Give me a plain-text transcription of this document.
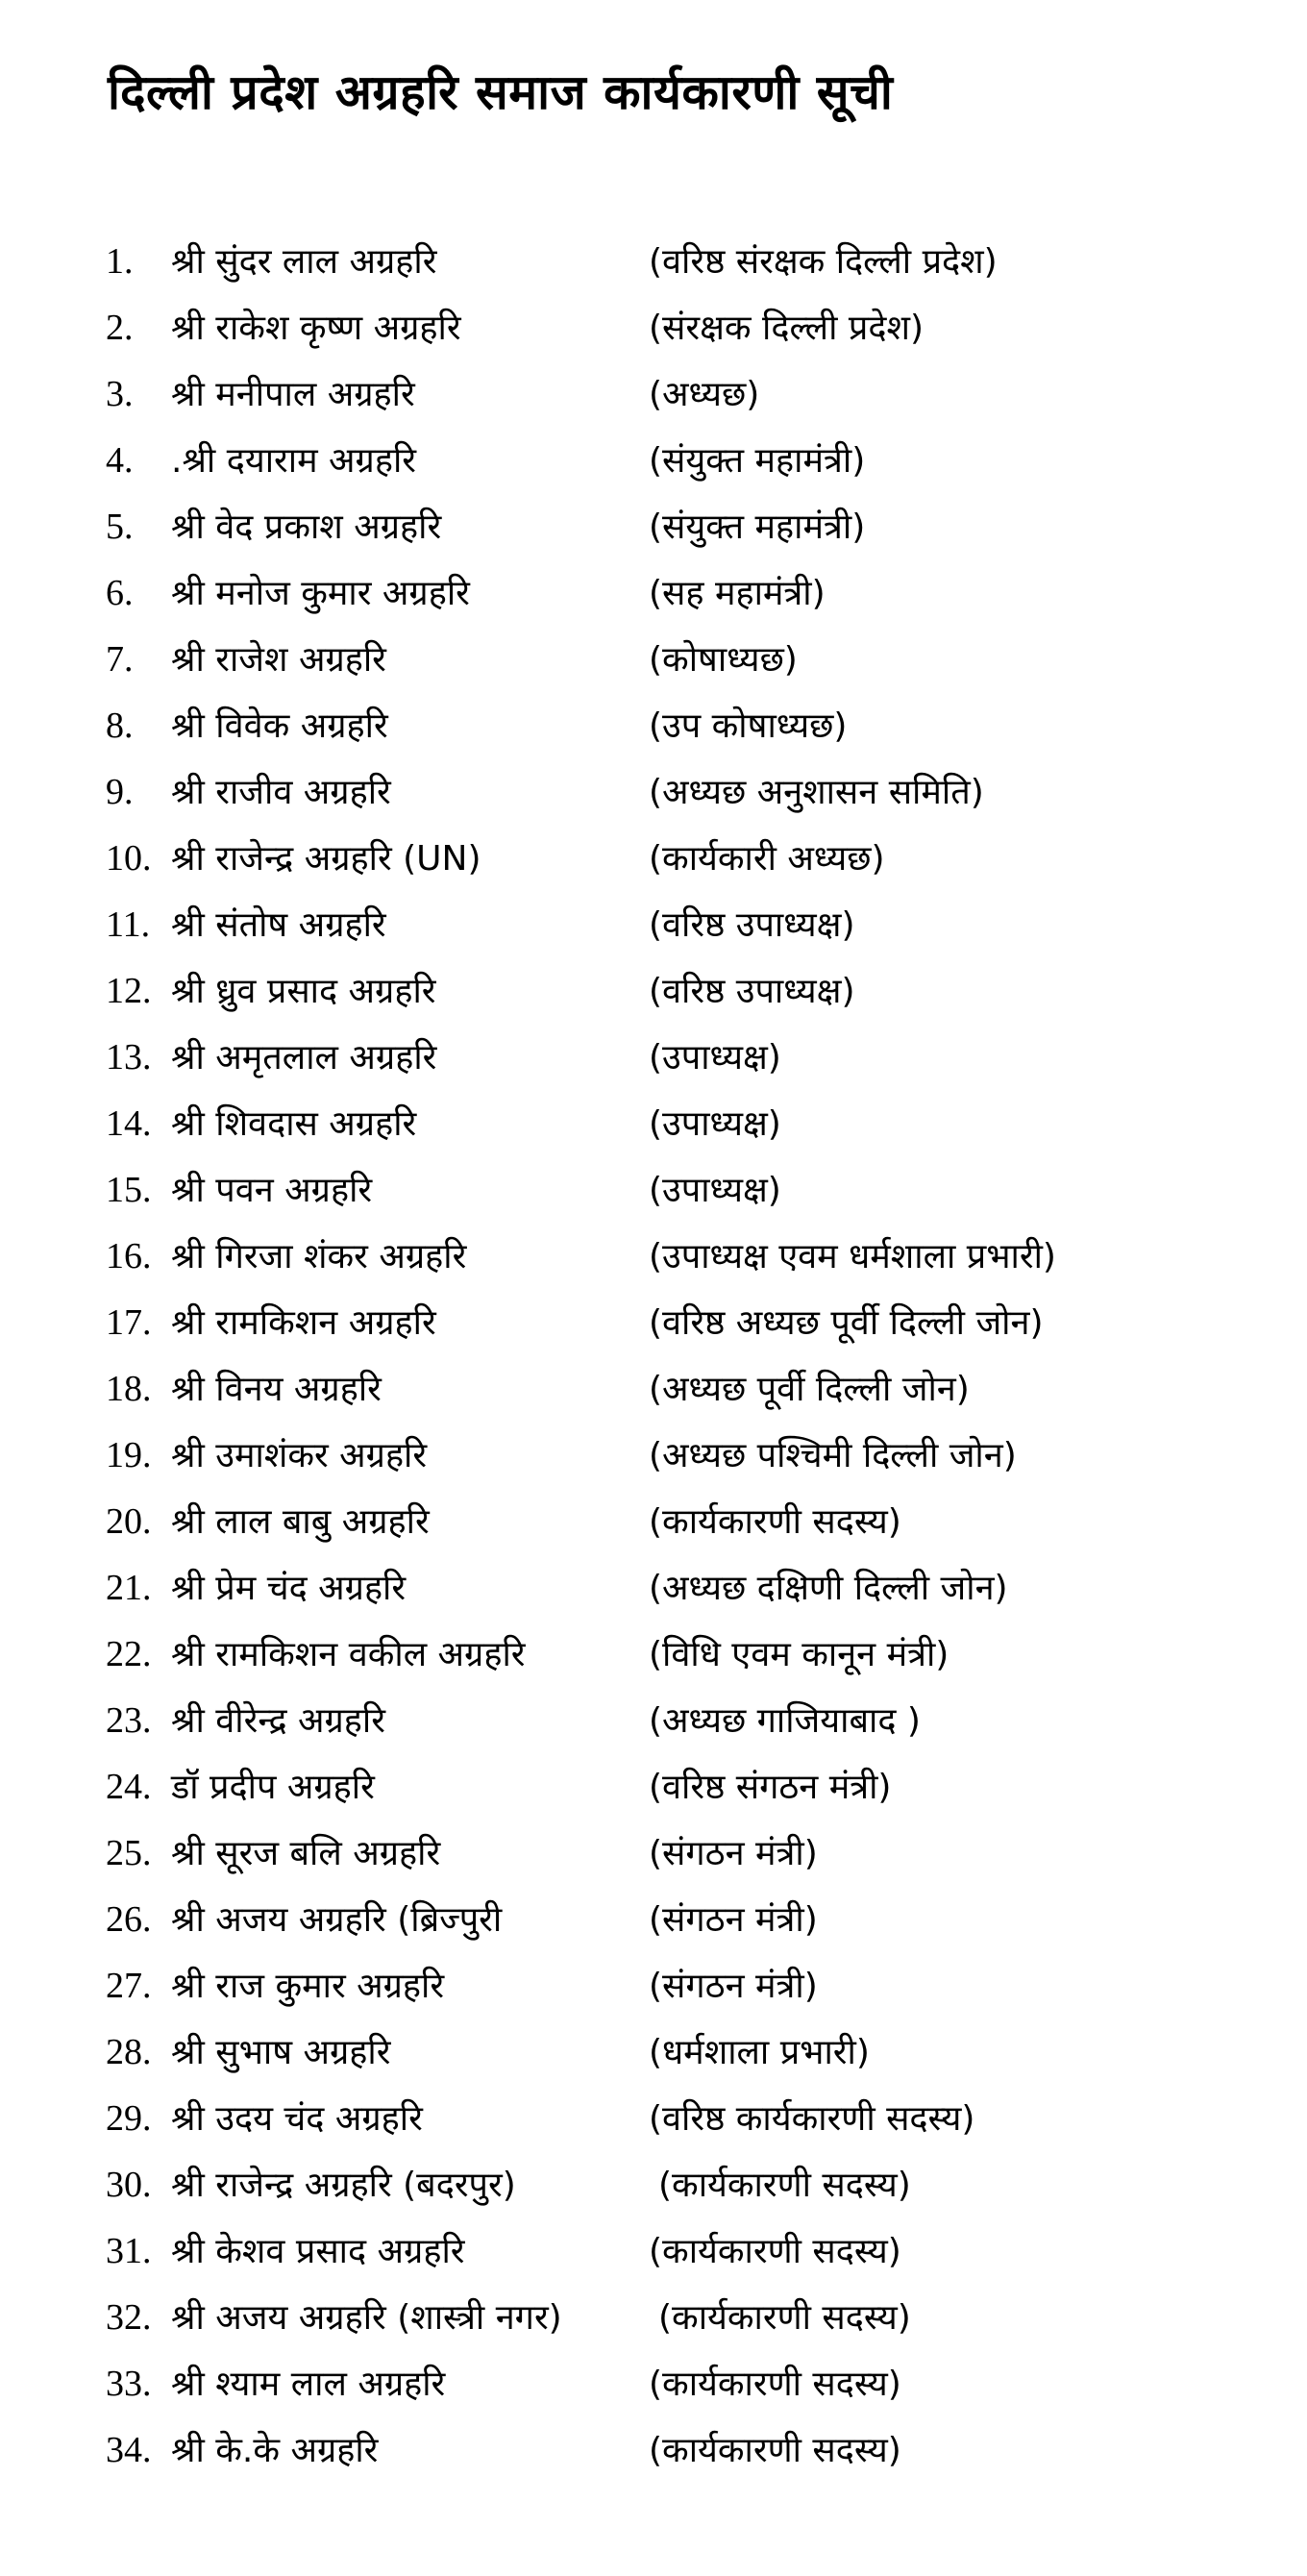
दिल्ली प्रदेश अग्रहरि समाज कार्यकारणी सूची
1. श्री सुंदर लाल अग्रहरि	(वरिष्ठ संरक्षक दिल्ली प्रदेश)
2. श्री राकेश कृष्ण अग्रहरि	(संरक्षक दिल्ली प्रदेश)
3. श्री मनीपाल अग्रहरि	(अध्यछ)
4. .श्री दयाराम अग्रहरि	(संयुक्त महामंत्री)
5. श्री वेद प्रकाश अग्रहरि	(संयुक्त महामंत्री)
6. श्री मनोज कुमार अग्रहरि	(सह महामंत्री)
7. श्री राजेश अग्रहरि	(कोषाध्यछ)
8. श्री विवेक अग्रहरि	(उप कोषाध्यछ)
9. श्री राजीव अग्रहरि	(अध्यछ अनुशासन समिति)
10. श्री राजेन्द्र अग्रहरि (UN)	(कार्यकारी अध्यछ)
11. श्री संतोष अग्रहरि	(वरिष्ठ उपाध्यक्ष)
12. श्री ध्रुव प्रसाद अग्रहरि	(वरिष्ठ उपाध्यक्ष)
13. श्री अमृतलाल अग्रहरि	(उपाध्यक्ष)
14. श्री शिवदास अग्रहरि	(उपाध्यक्ष)
15. श्री पवन अग्रहरि	(उपाध्यक्ष)
16. श्री गिरजा शंकर अग्रहरि	(उपाध्यक्ष एवम धर्मशाला प्रभारी)
17. श्री रामकिशन अग्रहरि	(वरिष्ठ अध्यछ पूर्वी दिल्ली जोन)
18. श्री विनय अग्रहरि	(अध्यछ पूर्वी दिल्ली जोन)
19. श्री उमाशंकर अग्रहरि	(अध्यछ पश्चिमी दिल्ली जोन)
20. श्री लाल बाबु अग्रहरि	(कार्यकारणी सदस्य)
21. श्री प्रेम चंद अग्रहरि	(अध्यछ दक्षिणी दिल्ली जोन)
22. श्री रामकिशन वकील अग्रहरि	(विधि एवम कानून मंत्री)
23. श्री वीरेन्द्र अग्रहरि	(अध्यछ गाजियाबाद )
24. डॉ प्रदीप अग्रहरि	(वरिष्ठ संगठन मंत्री)
25. श्री सूरज बलि अग्रहरि	(संगठन मंत्री)
26. श्री अजय अग्रहरि (ब्रिज्पुरी	(संगठन मंत्री)
27. श्री राज कुमार अग्रहरि	(संगठन मंत्री)
28. श्री सुभाष अग्रहरि	(धर्मशाला प्रभारी)
29. श्री उदय चंद अग्रहरि	(वरिष्ठ कार्यकारणी सदस्य)
30. श्री राजेन्द्र अग्रहरि (बदरपुर)	(कार्यकारणी सदस्य)
31. श्री केशव प्रसाद अग्रहरि	(कार्यकारणी सदस्य)
32. श्री अजय अग्रहरि (शास्त्री नगर)	(कार्यकारणी सदस्य)
33. श्री श्याम लाल अग्रहरि	(कार्यकारणी सदस्य)
34. श्री के.के अग्रहरि	(कार्यकारणी सदस्य)
